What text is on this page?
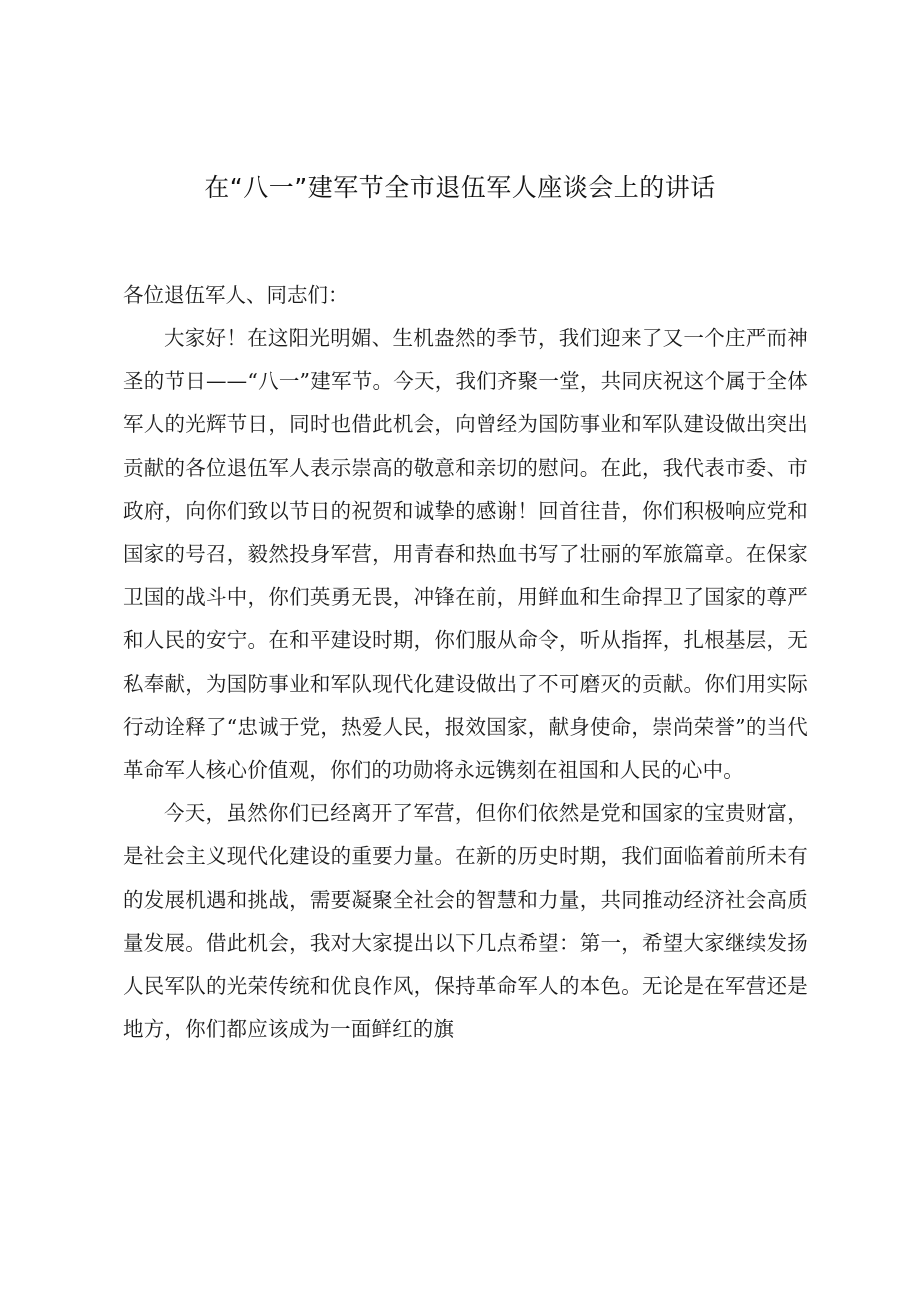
在“八一”建军节全市退伍军人座谈会上的讲话

各位退伍军人、同志们：

大家好！在这阳光明媚、生机盎然的季节，我们迎来了又一个庄严而神圣的节日——“八一”建军节。今天，我们齐聚一堂，共同庆祝这个属于全体军人的光辉节日，同时也借此机会，向曾经为国防事业和军队建设做出突出贡献的各位退伍军人表示崇高的敬意和亲切的慰问。在此，我代表市委、市政府，向你们致以节日的祝贺和诚挚的感谢！回首往昔，你们积极响应党和国家的号召，毅然投身军营，用青春和热血书写了壮丽的军旅篇章。在保家卫国的战斗中，你们英勇无畏，冲锋在前，用鲜血和生命捍卫了国家的尊严和人民的安宁。在和平建设时期，你们服从命令，听从指挥，扎根基层，无私奉献，为国防事业和军队现代化建设做出了不可磨灭的贡献。你们用实际行动诠释了“忠诚于党，热爱人民，报效国家，献身使命，崇尚荣誉”的当代革命军人核心价值观，你们的功勋将永远镌刻在祖国和人民的心中。

今天，虽然你们已经离开了军营，但你们依然是党和国家的宝贵财富，是社会主义现代化建设的重要力量。在新的历史时期，我们面临着前所未有的发展机遇和挑战，需要凝聚全社会的智慧和力量，共同推动经济社会高质量发展。借此机会，我对大家提出以下几点希望：第一，希望大家继续发扬人民军队的光荣传统和优良作风，保持革命军人的本色。无论是在军营还是地方，你们都应该成为一面鲜红的旗
